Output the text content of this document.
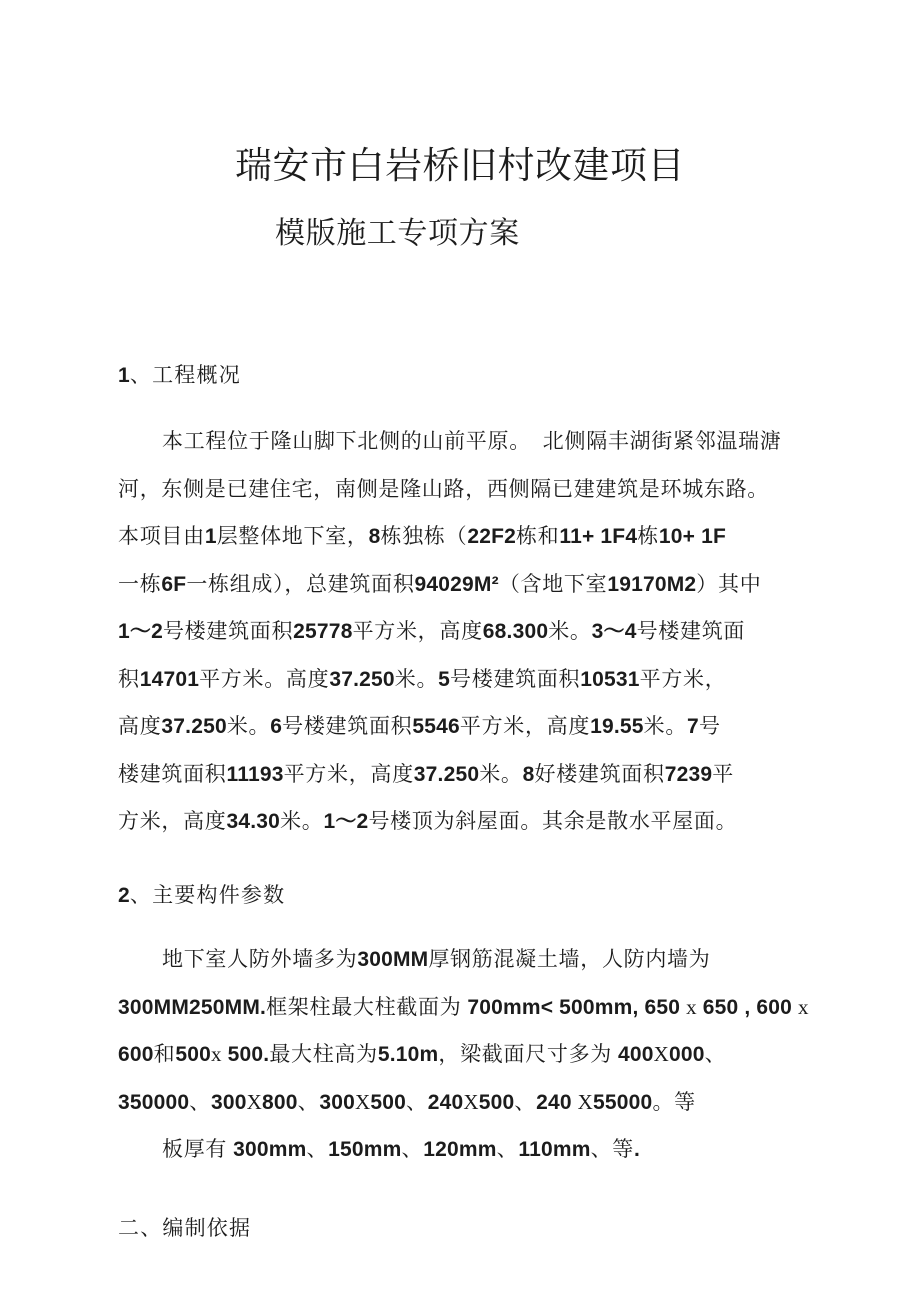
瑞安市白岩桥旧村改建项目
模版施工专项方案
1、工程概况
本工程位于隆山脚下北侧的山前平原。  北侧隔丰湖街紧邻温瑞溏
河，东侧是已建住宅，南侧是隆山路，西侧隔已建建筑是环城东路。
本项目由1层整体地下室，8栋独栋（22F2栋和11+ 1F4栋10+ 1F
一栋6F一栋组成），总建筑面积94029M²（含地下室19170M2）其中
1～2号楼建筑面积25778平方米，高度68.300米。3～4号楼建筑面
积14701平方米。高度37.250米。5号楼建筑面积10531平方米，
高度37.250米。6号楼建筑面积5546平方米，高度19.55米。7号
楼建筑面积11193平方米，高度37.250米。8好楼建筑面积7239平
方米，高度34.30米。1～2号楼顶为斜屋面。其余是散水平屋面。
2、主要构件参数
地下室人防外墙多为300MM厚钢筋混凝土墙，人防内墙为
300MM250MM.框架柱最大柱截面为 700mm< 500mm, 650 x 650 , 600 x
600和500x 500.最大柱高为5.10m，梁截面尺寸多为 400X000、
350000、300X800、300X500、240X500、240 X55000。等
板厚有 300mm、150mm、120mm、110mm、等.
二、编制依据
